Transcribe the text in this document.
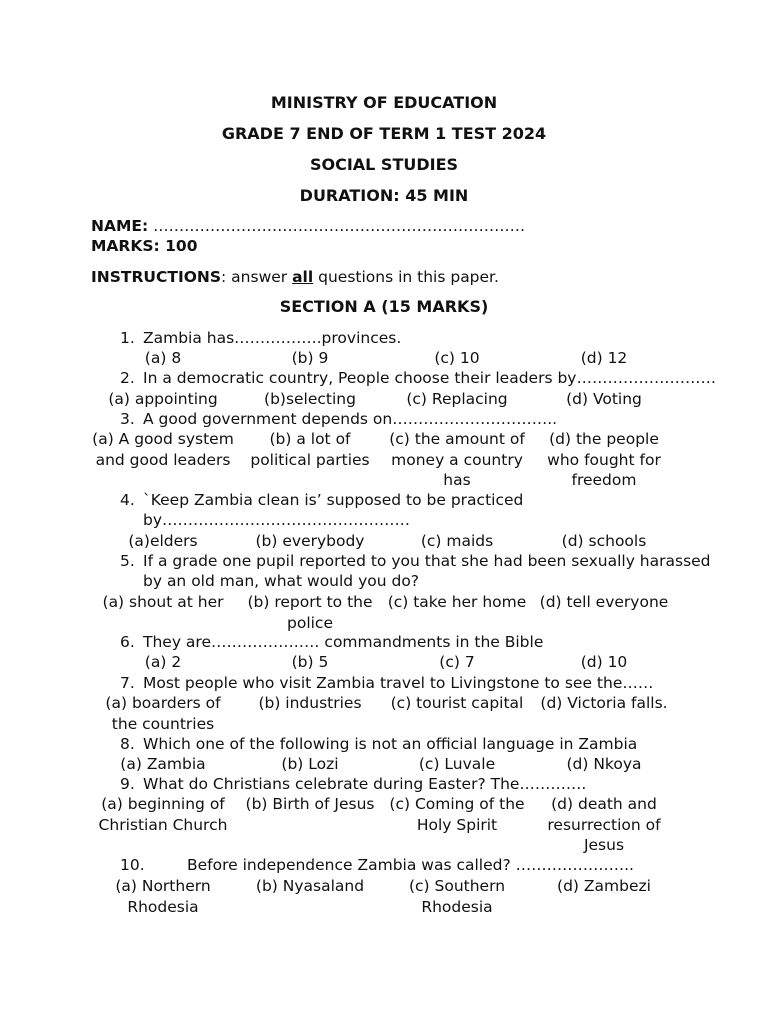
MINISTRY OF EDUCATION
GRADE 7 END OF TERM 1 TEST 2024
SOCIAL STUDIES
DURATION: 45 MIN
NAME: ………………………………………………………………
MARKS: 100
INSTRUCTIONS: answer all questions in this paper.
SECTION A (15 MARKS)
1. Zambia has……………..provinces.
(a) 8	(b) 9	(c) 10	(d) 12
2. In a democratic country, People choose their leaders by………………………
(a) appointing	(b)selecting	(c) Replacing	(d) Voting
3. A good government depends on…………………………..
(a) A good system
and good leaders
(b) a lot of
political parties
(c) the amount of
money a country
has
(d) the people
who fought for
freedom
4. `Keep Zambia clean is’ supposed to be practiced
by…………………………………………
(a)elders	(b) everybody	(c) maids	(d) schools
5. If a grade one pupil reported to you that she had been sexually harassed
by an old man, what would you do?
(a) shout at her	(b) report to the
police
(c) take her home (d) tell everyone
6. They are………………… commandments in the Bible
(a) 2	(b) 5	(c) 7	(d) 10
7. Most people who visit Zambia travel to Livingstone to see the……
(a) boarders of
the countries
(b) industries	(c) tourist capital	(d) Victoria falls.
8. Which one of the following is not an official language in Zambia
(a) Zambia	(b) Lozi	(c) Luvale	(d) Nkoya
9. What do Christians celebrate during Easter? The………….
(a) beginning of
Christian Church
(b) Birth of Jesus (c) Coming of the
Holy Spirit
(d) death and
resurrection of
Jesus
10.	Before independence Zambia was called? …………………..
(a) Northern
Rhodesia
(b) Nyasaland	(c) Southern
Rhodesia
(d) Zambezi
